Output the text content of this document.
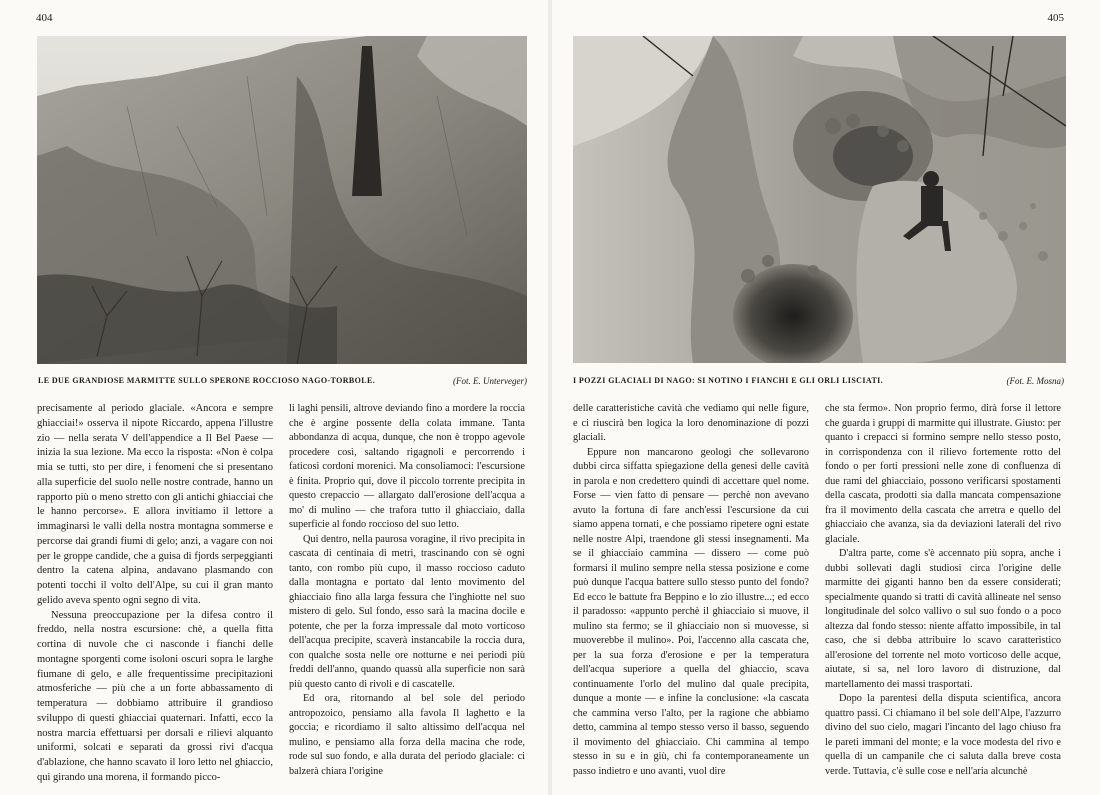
404
LE DUE GRANDIOSE MARMITTE SULLO SPERONE ROCCIOSO NAGO-TORBOLE.	(Fot. E. Unterveger)

precisamente al periodo glaciale. «Ancora e sempre ghiacciai!» osserva il nipote Riccardo, appena l'illustre zio — nella serata V dell'appendice a Il Bel Paese — inizia la sua lezione. Ma ecco la risposta: «Non è colpa mia se tutti, sto per dire, i fenomeni che si presentano alla superficie del suolo nelle nostre contrade, hanno un rapporto più o meno stretto con gli antichi ghiacciai che le hanno percorse». E allora invitiamo il lettore a immaginarsi le valli della nostra montagna sommerse e percorse dai grandi fiumi di gelo; anzi, a vagare con noi per le groppe candide, che a guisa di fjords serpeggianti dentro la catena alpina, andavano plasmando con potenti tocchi il volto dell'Alpe, su cui il gran manto gelido aveva spento ogni segno di vita.

Nessuna preoccupazione per la difesa contro il freddo, nella nostra escursione: chè, a quella fitta cortina di nuvole che ci nasconde i fianchi delle montagne sporgenti come isoloni oscuri sopra le larghe fiumane di gelo, e alle frequentissime precipitazioni atmosferiche — più che a un forte abbassamento di temperatura — dobbiamo attribuire il grandioso sviluppo di questi ghiacciai quaternari. Infatti, ecco la nostra marcia effettuarsi per dorsali e rilievi alquanto uniformi, solcati e separati da grossi rivi d'acqua d'ablazione, che hanno scavato il loro letto nel ghiaccio, qui girando una morena, il formando picco-

li laghi pensili, altrove deviando fino a mordere la roccia che è argine possente della colata immane. Tanta abbondanza di acqua, dunque, che non è troppo agevole procedere così, saltando rigagnoli e percorrendo i faticosi cordoni morenici. Ma consoliamoci: l'escursione è finita. Proprio qui, dove il piccolo torrente precipita in questo crepaccio — allargato dall'erosione dell'acqua a mo' di mulino — che trafora tutto il ghiacciaio, dalla superficie al fondo roccioso del suo letto.

Qui dentro, nella paurosa voragine, il rivo precipita in cascata di centinaia di metri, trascinando con sè ogni tanto, con rombo più cupo, il masso roccioso caduto dalla montagna e portato dal lento movimento del ghiacciaio fino alla larga fessura che l'inghiotte nel suo mistero di gelo. Sul fondo, esso sarà la macina docile e potente, che per la forza impressale dal moto vorticoso dell'acqua precipite, scaverà instancabile la roccia dura, con qualche sosta nelle ore notturne e nei periodi più freddi dell'anno, quando quassù alla superficie non sarà più questo canto di rivoli e di cascatelle.

Ed ora, ritornando al bel sole del periodo antropozoico, pensiamo alla favola Il laghetto e la goccia; e ricordiamo il salto altissimo dell'acqua nel mulino, e pensiamo alla forza della macina che rode, rode sul suo fondo, e alla durata del periodo glaciale: ci balzerà chiara l'origine

405
I POZZI GLACIALI DI NAGO: SI NOTINO I FIANCHI E GLI ORLI LISCIATI.	(Fot. E. Mosna)

delle caratteristiche cavità che vediamo qui nelle figure, e ci riuscirà ben logica la loro denominazione di pozzi glaciali.

Eppure non mancarono geologi che sollevarono dubbi circa siffatta spiegazione della genesi delle cavità in parola e non credettero quindi di accettare quel nome. Forse — vien fatto di pensare — perchè non avevano avuto la fortuna di fare anch'essi l'escursione da cui siamo appena tornati, e che possiamo ripetere ogni estate nelle nostre Alpi, traendone gli stessi insegnamenti. Ma se il ghiacciaio cammina — dissero — come può formarsi il mulino sempre nella stessa posizione e come può dunque l'acqua battere sullo stesso punto del fondo? Ed ecco le battute fra Beppino e lo zio illustre...; ed ecco il paradosso: «appunto perchè il ghiacciaio si muove, il mulino sta fermo; se il ghiacciaio non si muovesse, si muoverebbe il mulino». Poi, l'accenno alla cascata che, per la sua forza d'erosione e per la temperatura dell'acqua superiore a quella del ghiaccio, scava continuamente l'orlo del mulino dal quale precipita, dunque a monte — e infine la conclusione: «la cascata che cammina verso l'alto, per la ragione che abbiamo detto, cammina al tempo stesso verso il basso, seguendo il movimento del ghiacciaio. Chi cammina al tempo stesso in su e in giù, chi fa contemporaneamente un passo indietro e uno avanti, vuol dire

che sta fermo». Non proprio fermo, dirà forse il lettore che guarda i gruppi di marmitte qui illustrate. Giusto: per quanto i crepacci si formino sempre nello stesso posto, in corrispondenza con il rilievo fortemente rotto del fondo o per forti pressioni nelle zone di confluenza di due rami del ghiacciaio, possono verificarsi spostamenti della cascata, prodotti sia dalla mancata compensazione fra il movimento della cascata che arretra e quello del ghiacciaio che avanza, sia da deviazioni laterali del rivo glaciale.

D'altra parte, come s'è accennato più sopra, anche i dubbi sollevati dagli studiosi circa l'origine delle marmitte dei giganti hanno ben da essere considerati; specialmente quando si tratti di cavità allineate nel senso longitudinale del solco vallivo o sul suo fondo o a poco altezza dal fondo stesso: niente affatto impossibile, in tal caso, che si debba attribuire lo scavo caratteristico all'erosione del torrente nel moto vorticoso delle acque, aiutate, si sa, nel loro lavoro di distruzione, dal martellamento dei massi trasportati.

Dopo la parentesi della disputa scientifica, ancora quattro passi. Ci chiamano il bel sole dell'Alpe, l'azzurro divino del suo cielo, magari l'incanto del lago chiuso fra le pareti immani del monte; e la voce modesta del rivo e quella di un campanile che ci saluta dalla breve costa verde. Tuttavia, c'è sulle cose e nell'aria alcunchè
